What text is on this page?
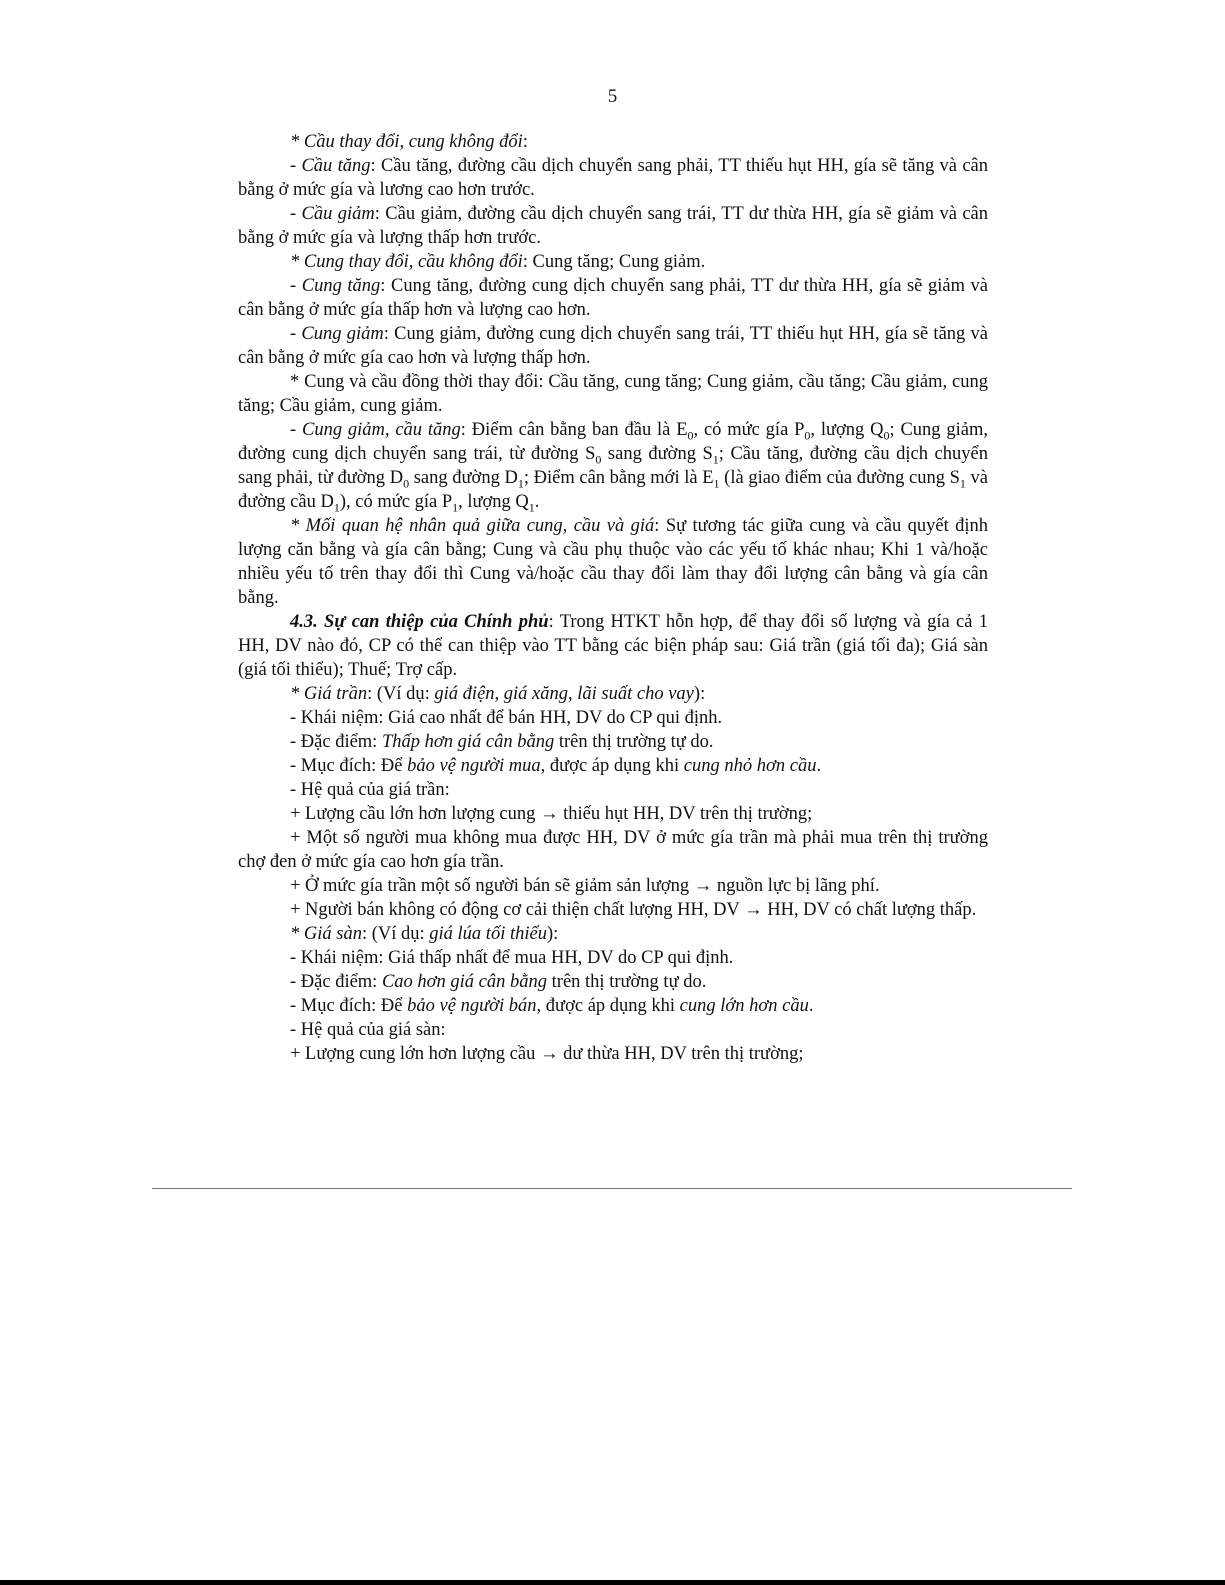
5

* Cầu thay đổi, cung không đổi:

- Cầu tăng: Cầu tăng, đường cầu dịch chuyển sang phải, TT thiếu hụt HH, gía sẽ tăng và cân bằng ở mức gía và lương cao hơn trước.

- Cầu giảm: Cầu giảm, đường cầu dịch chuyển sang trái, TT dư thừa HH, gía sẽ giảm và cân bằng ở mức gía và lượng thấp hơn trước.

* Cung thay đổi, cầu không đổi: Cung tăng; Cung giảm.

- Cung tăng: Cung tăng, đường cung dịch chuyển sang phải, TT dư thừa HH, gía sẽ giảm và cân bằng ở mức gía thấp hơn và lượng cao hơn.

- Cung giảm: Cung giảm, đường cung dịch chuyển sang trái, TT thiếu hụt HH, gía sẽ tăng và cân bằng ở mức gía cao hơn và lượng thấp hơn.

* Cung và cầu đồng thời thay đổi: Cầu tăng, cung tăng; Cung giảm, cầu tăng; Cầu giảm, cung tăng; Cầu giảm, cung giảm.

- Cung giảm, cầu tăng: Điểm cân bằng ban đầu là $E_0$, có mức gía $P_0$, lượng $Q_0$; Cung giảm, đường cung dịch chuyển sang trái, từ đường $S_0$ sang đường $S_1$; Cầu tăng, đường cầu dịch chuyển sang phải, từ đường $D_0$ sang đường $D_1$; Điểm cân bằng mới là $E_1$ (là giao điểm của đường cung $S_1$ và đường cầu $D_1$), có mức gía $P_1$, lượng $Q_1$.

* Mối quan hệ nhân quả giữa cung, cầu và giá: Sự tương tác giữa cung và cầu quyết định lượng căn bằng và gía cân bằng; Cung và cầu phụ thuộc vào các yếu tố khác nhau; Khi 1 và/hoặc nhiều yếu tố trên thay đổi thì Cung và/hoặc cầu thay đổi làm thay đổi lượng cân bằng và gía cân bằng.

4.3. Sự can thiệp của Chính phủ: Trong HTKT hỗn hợp, để thay đổi số lượng và gía cả 1 HH, DV nào đó, CP có thể can thiệp vào TT bằng các biện pháp sau: Giá trần (giá tối đa); Giá sàn (giá tối thiểu); Thuế; Trợ cấp.

* Giá trần: (Ví dụ: giá điện, giá xăng, lãi suất cho vay):

- Khái niệm: Giá cao nhất để bán HH, DV do CP qui định.

- Đặc điểm: Thấp hơn giá cân bằng trên thị trường tự do.

- Mục đích: Để bảo vệ người mua, được áp dụng khi cung nhỏ hơn cầu.

- Hệ quả của giá trần:

+ Lượng cầu lớn hơn lượng cung → thiếu hụt HH, DV trên thị trường;

+ Một số người mua không mua được HH, DV ở mức gía trần mà phải mua trên thị trường chợ đen ở mức gía cao hơn gía trần.

+ Ở mức gía trần một số người bán sẽ giảm sản lượng → nguồn lực bị lãng phí.

+ Người bán không có động cơ cải thiện chất lượng HH, DV → HH, DV có chất lượng thấp.

* Giá sàn: (Ví dụ: giá lúa tối thiểu):

- Khái niệm: Giá thấp nhất để mua HH, DV do CP qui định.

- Đặc điểm: Cao hơn giá cân bằng trên thị trường tự do.

- Mục đích: Để bảo vệ người bán, được áp dụng khi cung lớn hơn cầu.

- Hệ quả của giá sàn:

+ Lượng cung lớn hơn lượng cầu → dư thừa HH, DV trên thị trường;
